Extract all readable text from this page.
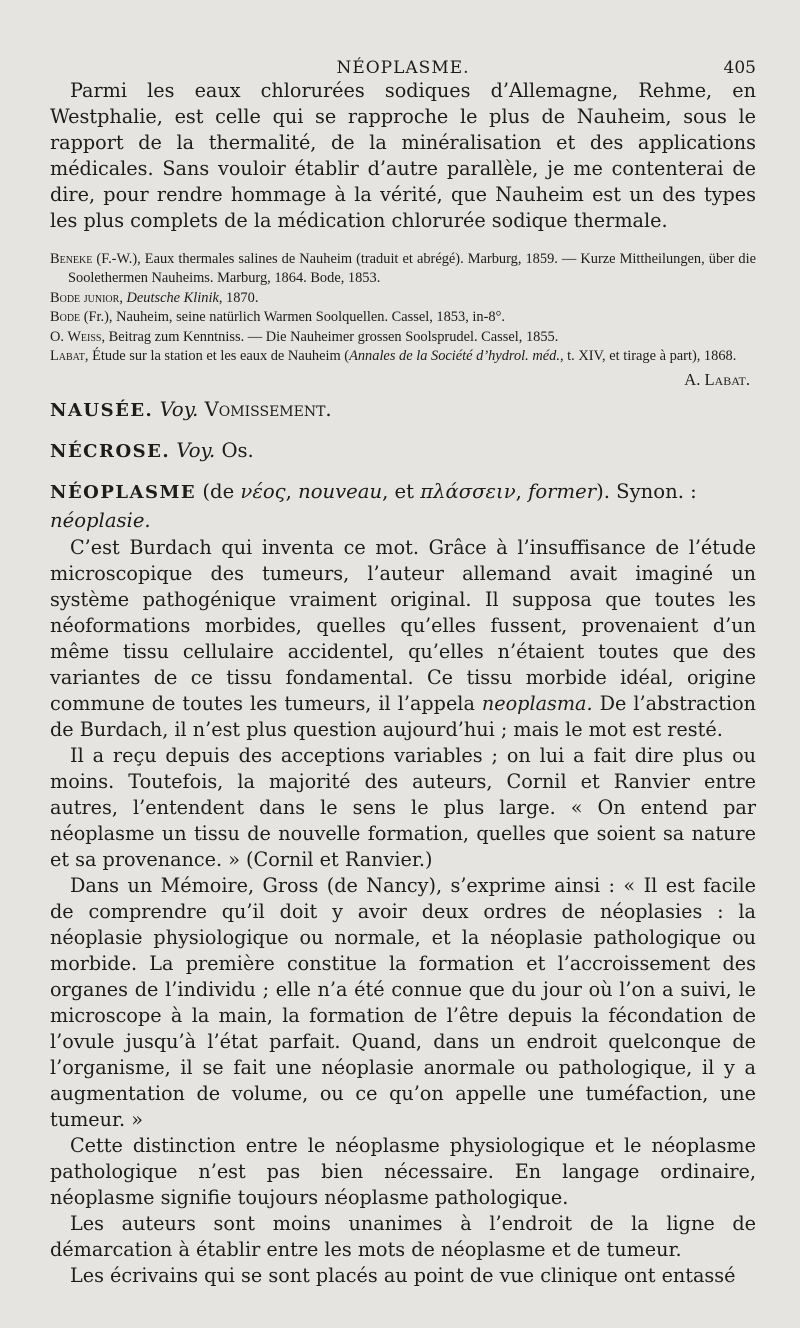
NÉOPLASME.	405

Parmi les eaux chlorurées sodiques d’Allemagne, Rehme, en Westphalie, est celle qui se rapproche le plus de Nauheim, sous le rapport de la thermalité, de la minéralisation et des applications médicales. Sans vouloir établir d’autre parallèle, je me contenterai de dire, pour rendre hommage à la vérité, que Nauheim est un des types les plus complets de la médication chlorurée sodique thermale.

Beneke (F.-W.), Eaux thermales salines de Nauheim (traduit et abrégé). Marburg, 1859. — Kurze Mittheilungen, über die Soolethermen Nauheims. Marburg, 1864. Bode, 1853.

Bode junior, Deutsche Klinik, 1870.

Bode (Fr.), Nauheim, seine natürlich Warmen Soolquellen. Cassel, 1853, in-8°.

O. Weiss, Beitrag zum Kenntniss. — Die Nauheimer grossen Soolsprudel. Cassel, 1855.

Labat, Étude sur la station et les eaux de Nauheim (Annales de la Société d’hydrol. méd., t. XIV, et tirage à part), 1868.

A. Labat.

NAUSÉE. Voy. Vomissement.

NÉCROSE. Voy. Os.

NÉOPLASME (de νέος, nouveau, et πλάσσειν, former). Synon. : néoplasie.

C’est Burdach qui inventa ce mot. Grâce à l’insuffisance de l’étude microscopique des tumeurs, l’auteur allemand avait imaginé un système pathogénique vraiment original. Il supposa que toutes les néoformations morbides, quelles qu’elles fussent, provenaient d’un même tissu cellulaire accidentel, qu’elles n’étaient toutes que des variantes de ce tissu fondamental. Ce tissu morbide idéal, origine commune de toutes les tumeurs, il l’appela neoplasma. De l’abstraction de Burdach, il n’est plus question aujourd’hui ; mais le mot est resté.

Il a reçu depuis des acceptions variables ; on lui a fait dire plus ou moins. Toutefois, la majorité des auteurs, Cornil et Ranvier entre autres, l’entendent dans le sens le plus large. « On entend par néoplasme un tissu de nouvelle formation, quelles que soient sa nature et sa provenance. » (Cornil et Ranvier.)

Dans un Mémoire, Gross (de Nancy), s’exprime ainsi : « Il est facile de comprendre qu’il doit y avoir deux ordres de néoplasies : la néoplasie physiologique ou normale, et la néoplasie pathologique ou morbide. La première constitue la formation et l’accroissement des organes de l’individu ; elle n’a été connue que du jour où l’on a suivi, le microscope à la main, la formation de l’être depuis la fécondation de l’ovule jusqu’à l’état parfait. Quand, dans un endroit quelconque de l’organisme, il se fait une néoplasie anormale ou pathologique, il y a augmentation de volume, ou ce qu’on appelle une tuméfaction, une tumeur. »

Cette distinction entre le néoplasme physiologique et le néoplasme pathologique n’est pas bien nécessaire. En langage ordinaire, néoplasme signifie toujours néoplasme pathologique.

Les auteurs sont moins unanimes à l’endroit de la ligne de démarcation à établir entre les mots de néoplasme et de tumeur.

Les écrivains qui se sont placés au point de vue clinique ont entassé
